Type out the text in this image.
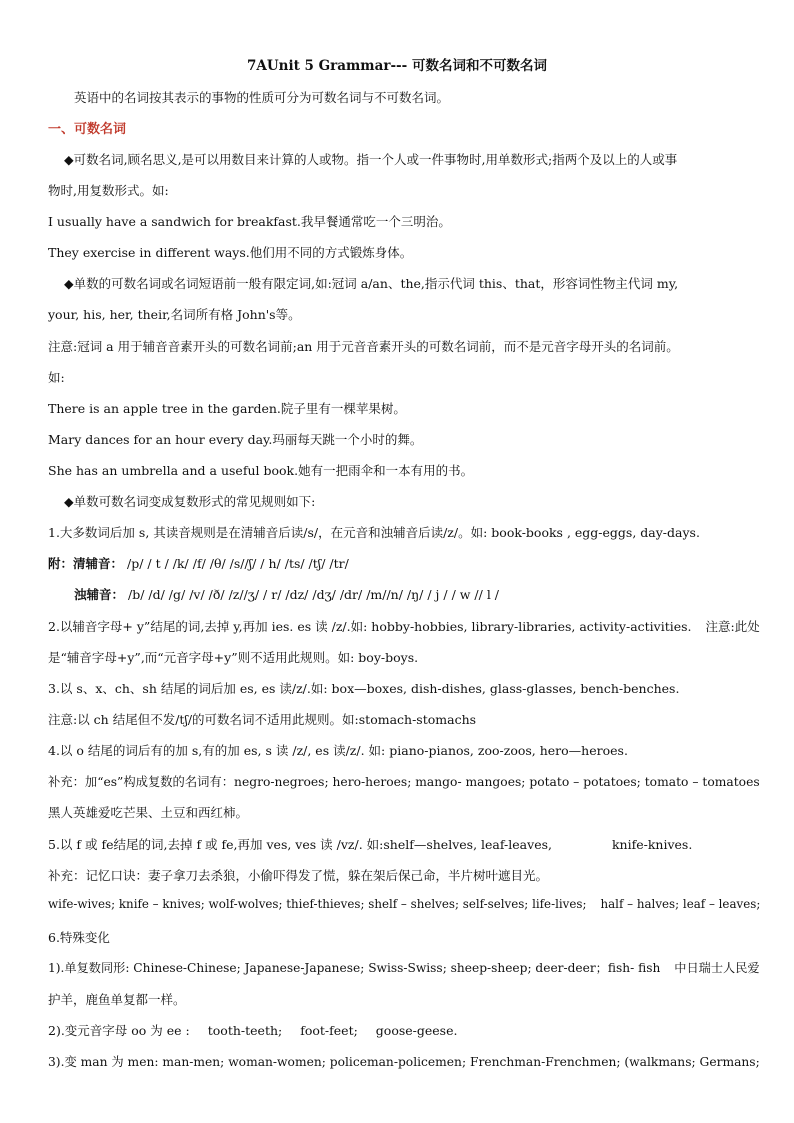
7AUnit 5 Grammar--- 可数名词和不可数名词
英语中的名词按其表示的事物的性质可分为可数名词与不可数名词。
一、可数名词
◆可数名词,顾名思义,是可以用数目来计算的人或物。指一个人或一件事物时,用单数形式;指两个及以上的人或事
物时,用复数形式。如:
I usually have a sandwich for breakfast.我早餐通常吃一个三明治。
They exercise in different ways.他们用不同的方式锻炼身体。
◆单数的可数名词或名词短语前一般有限定词,如:冠词 a/an、the,指示代词 this、that，形容词性物主代词 my,
your, his, her, their,名词所有格 John's等。
注意:冠词 a 用于辅音音素开头的可数名词前;an 用于元音音素开头的可数名词前，而不是元音字母开头的名词前。
如:
There is an apple tree in the garden.院子里有一棵苹果树。
Mary dances for an hour every day.玛丽每天跳一个小时的舞。
She has an umbrella and a useful book.她有一把雨伞和一本有用的书。
◆单数可数名词变成复数形式的常见规则如下:
1.大多数词后加 s, 其读音规则是在清辅音后读/s/，在元音和浊辅音后读/z/。如: book-books , egg-eggs, day-days.
附：清辅音： /p/ / t / /k/ /f/ /θ/ /s//ʃ/ / h/ /ts/ /tʃ/ /tr/
浊辅音： /b/ /d/ /g/ /v/ /ð/ /z//ʒ/ / r/ /dz/ /dʒ/ /dr/ /m//n/ /ŋ/ / j / / w // l /
2.以辅音字母+ y”结尾的词,去掉 y,再加 ies. es 读 /z/.如: hobby-hobbies, library-libraries, activity-activities. 注意:此处
是“辅音字母+y”,而“元音字母+y”则不适用此规则。如: boy-boys.
3.以 s、x、ch、sh 结尾的词后加 es, es 读/z/.如: box—boxes, dish-dishes, glass-glasses, bench-benches.
注意:以 ch 结尾但不发/tʃ/的可数名词不适用此规则。如:stomach-stomachs
4.以 o 结尾的词后有的加 s,有的加 es, s 读 /z/, es 读/z/. 如: piano-pianos, zoo-zoos, hero—heroes.
补充：加“es”构成复数的名词有：negro-negroes; hero-heroes; mango- mangoes; potato – potatoes; tomato – tomatoes
黑人英雄爱吃芒果、土豆和西红柿。
5.以 f 或 fe结尾的词,去掉 f 或 fe,再加 ves, ves 读 /vz/. 如:shelf—shelves, leaf-leaves,	knife-knives.
补充：记忆口诀：妻子拿刀去杀狼，小偷吓得发了慌，躲在架后保己命，半片树叶遮目光。
wife-wives; knife – knives; wolf-wolves; thief-thieves; shelf – shelves; self-selves; life-lives; half – halves; leaf – leaves;
6.特殊变化
1).单复数同形: Chinese-Chinese; Japanese-Japanese; Swiss-Swiss; sheep-sheep; deer-deer；fish- fish 中日瑞士人民爱
护羊，鹿鱼单复都一样。
2).变元音字母 oo 为 ee : tooth-teeth; foot-feet; goose-geese.
3).变 man 为 men: man-men; woman-women; policeman-policemen; Frenchman-Frenchmen; (walkmans; Germans;
